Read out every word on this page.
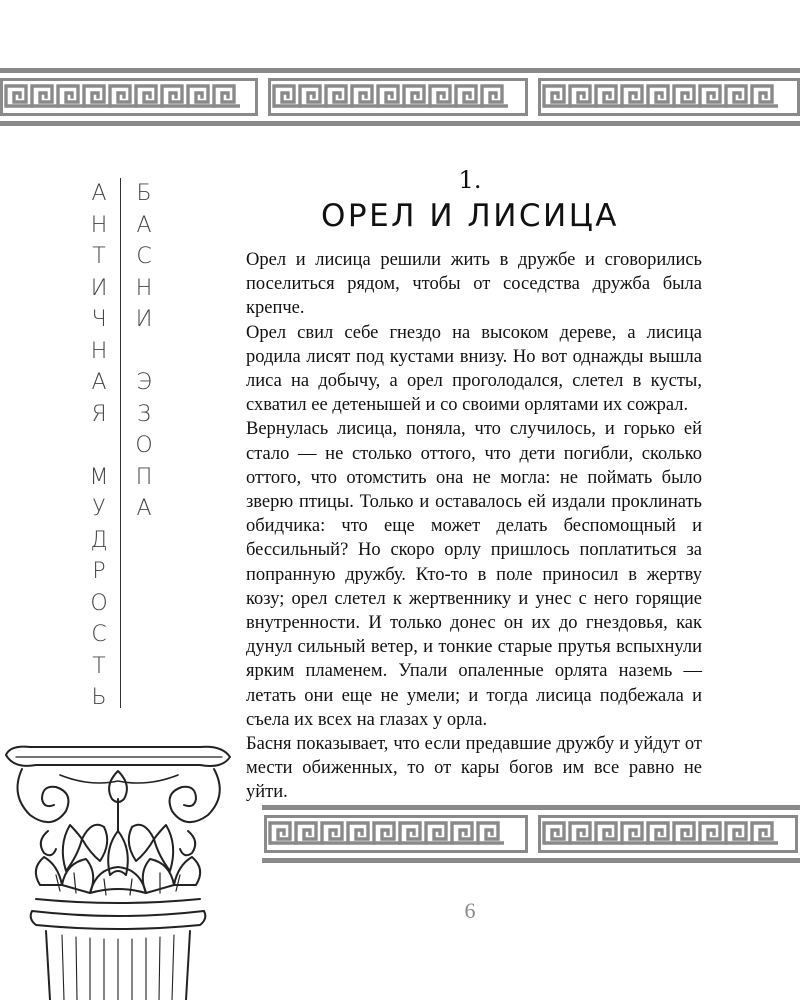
А
Н
Т
И
Ч
Н
А
Я
М
У
Д
Р
О
С
Т
Ь
Б
А
С
Н
И
Э
З
О
П
А
1.
ОРЕЛ И ЛИСИЦА

Орел и лисица решили жить в дружбе и сговорились поселиться рядом, чтобы от соседства дружба была крепче.

Орел свил себе гнездо на высоком дереве, а лисица родила лисят под кустами внизу. Но вот однажды вышла лиса на добычу, а орел проголодался, слетел в кусты, схватил ее детенышей и со своими орлятами их сожрал.

Вернулась лисица, поняла, что случилось, и горько ей стало — не столько оттого, что дети погибли, сколько оттого, что отомстить она не могла: не поймать было зверю птицы. Только и оставалось ей издали проклинать обидчика: что еще может делать беспомощный и бессильный? Но скоро орлу пришлось поплатиться за попранную дружбу. Кто-то в поле приносил в жертву козу; орел слетел к жертвеннику и унес с него горящие внутренности. И только донес он их до гнездовья, как дунул сильный ветер, и тонкие старые прутья вспыхнули ярким пламенем. Упали опаленные орлята наземь — летать они еще не умели; и тогда лисица подбежала и съела их всех на глазах у орла.

Басня показывает, что если предавшие дружбу и уйдут от мести обиженных, то от кары богов им все равно не уйти.

6
